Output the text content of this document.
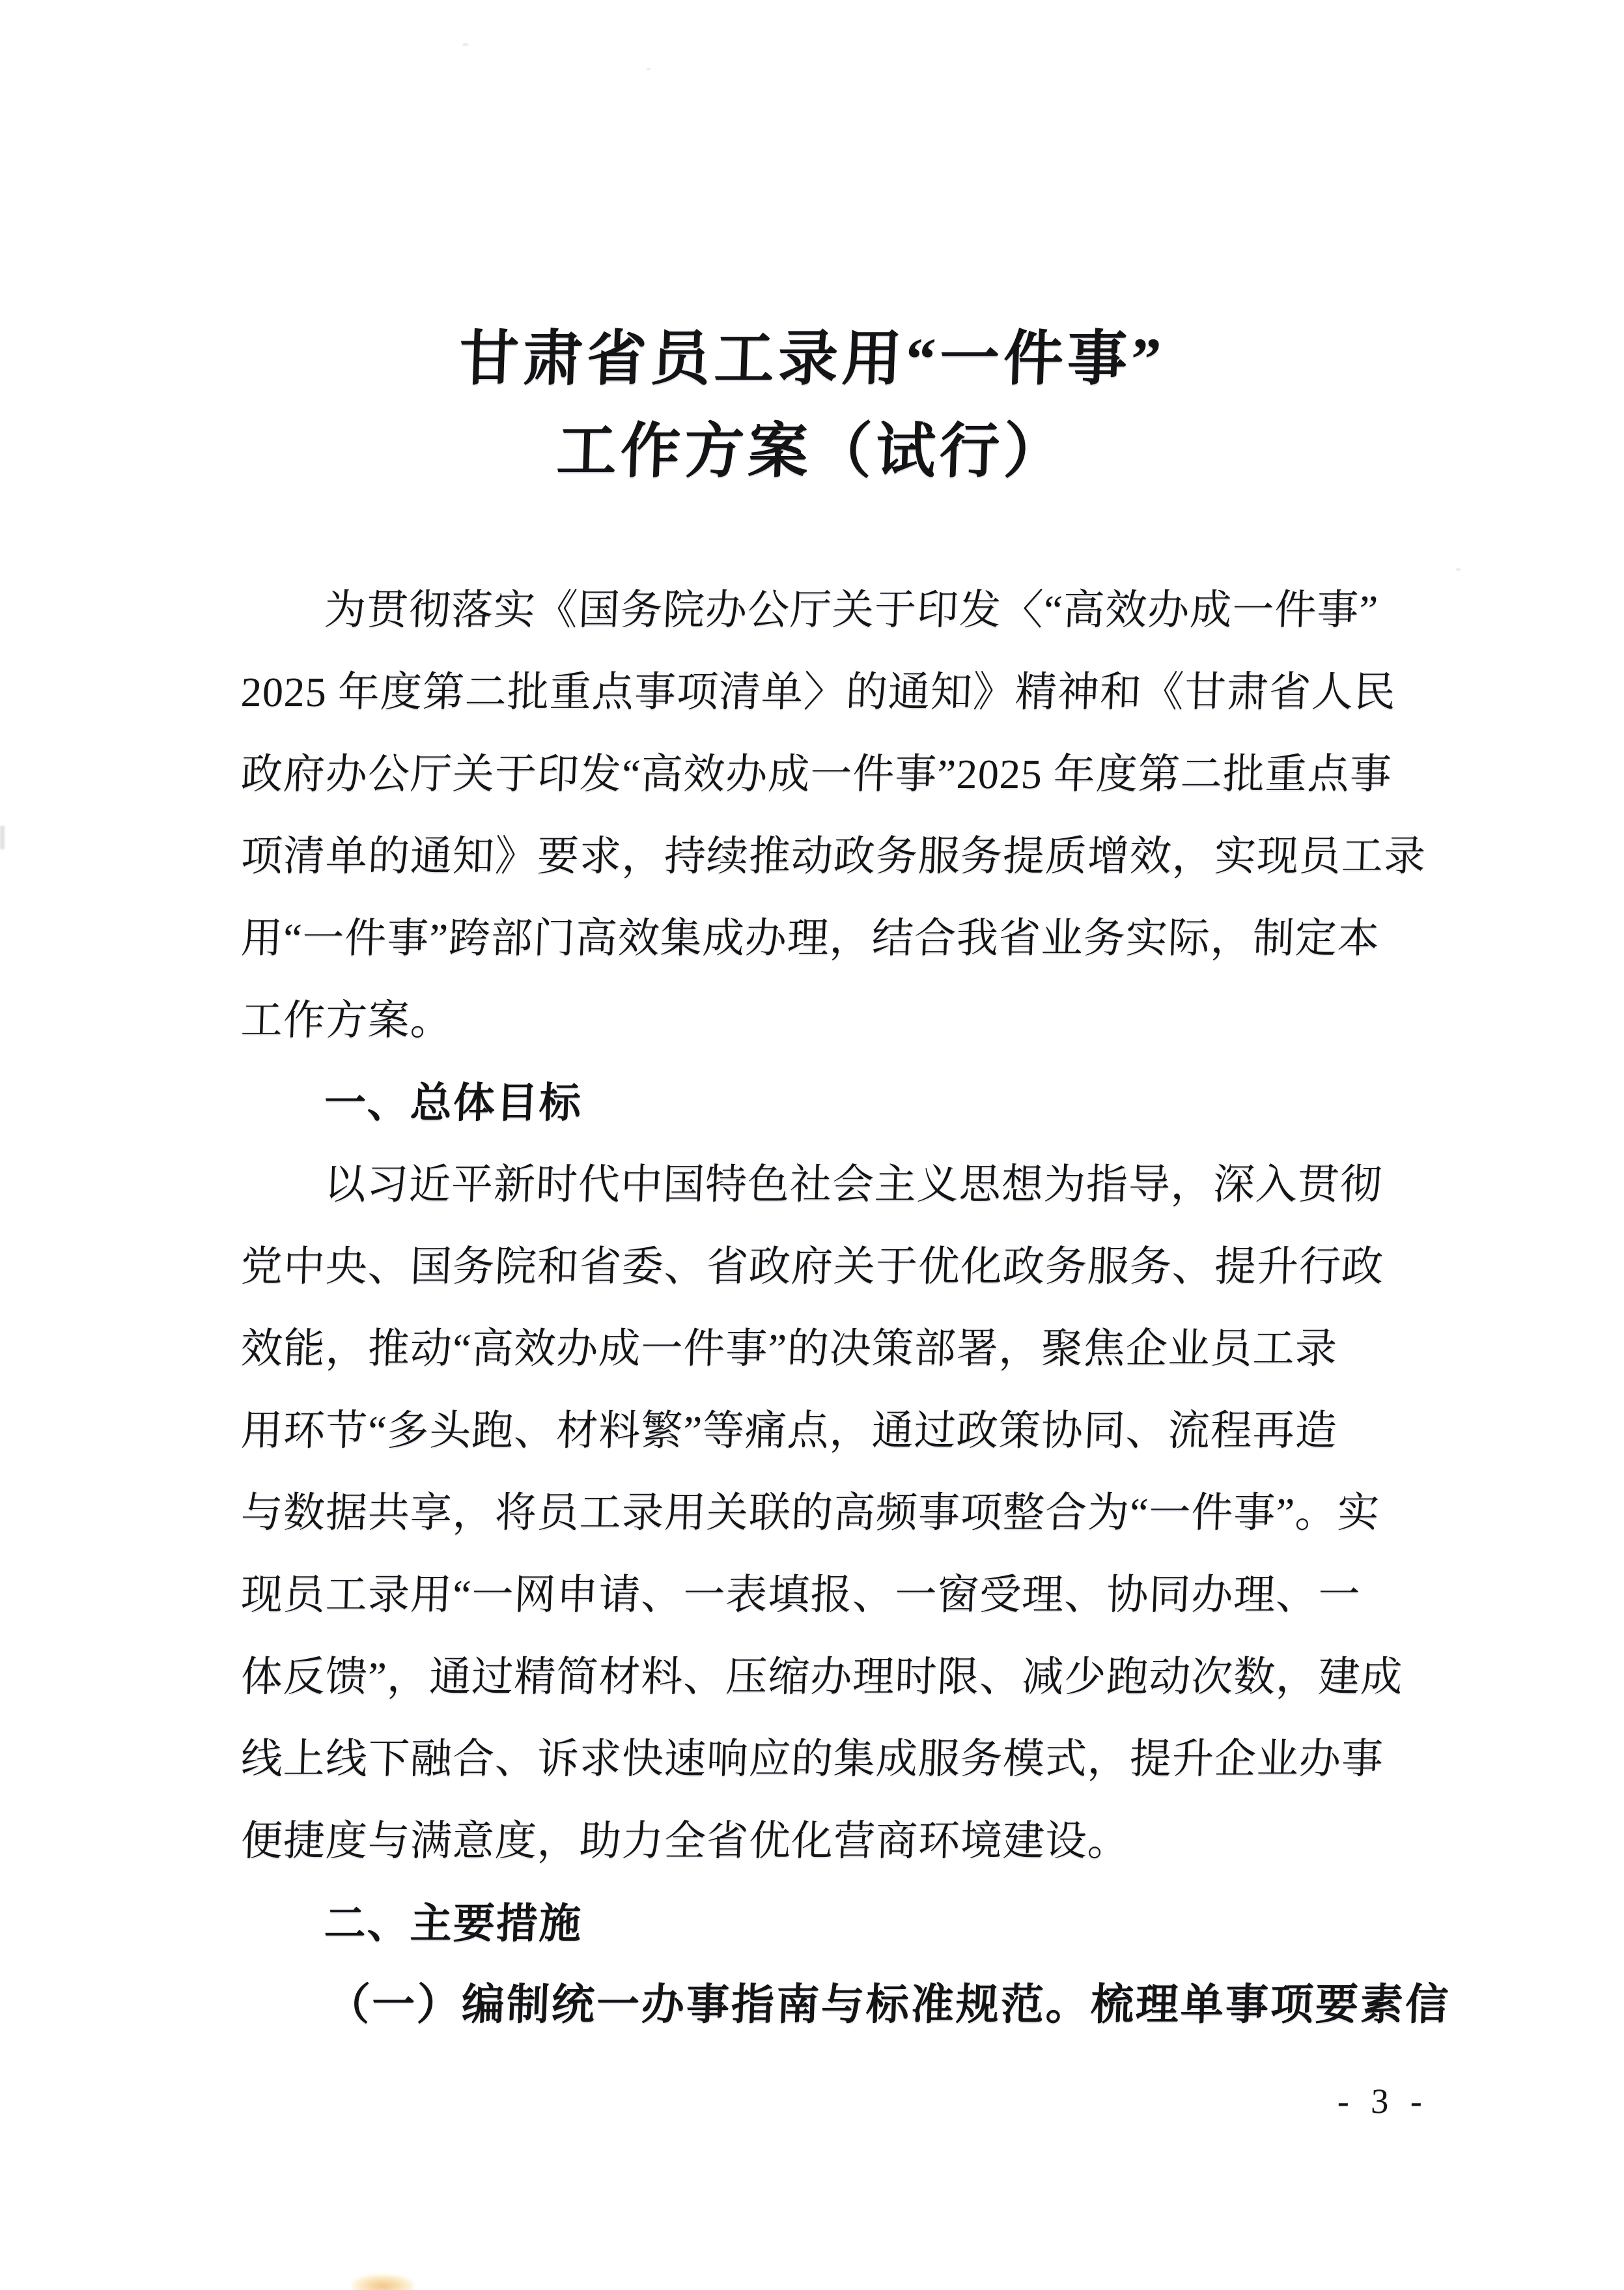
甘肃省员工录用“一件事”
工作方案（试行）
为贯彻落实《国务院办公厅关于印发〈“高效办成一件事”
2025 年度第二批重点事项清单〉的通知》精神和《甘肃省人民
政府办公厅关于印发“高效办成一件事”2025 年度第二批重点事
项清单的通知》要求，持续推动政务服务提质增效，实现员工录
用“一件事”跨部门高效集成办理，结合我省业务实际，制定本
工作方案。
一、总体目标
以习近平新时代中国特色社会主义思想为指导，深入贯彻
党中央、国务院和省委、省政府关于优化政务服务、提升行政
效能，推动“高效办成一件事”的决策部署，聚焦企业员工录
用环节“多头跑、材料繁”等痛点，通过政策协同、流程再造
与数据共享，将员工录用关联的高频事项整合为“一件事”。实
现员工录用“一网申请、一表填报、一窗受理、协同办理、一
体反馈”，通过精简材料、压缩办理时限、减少跑动次数，建成
线上线下融合、诉求快速响应的集成服务模式，提升企业办事
便捷度与满意度，助力全省优化营商环境建设。
二、主要措施
（一）编制统一办事指南与标准规范。梳理单事项要素信
- 3 -
